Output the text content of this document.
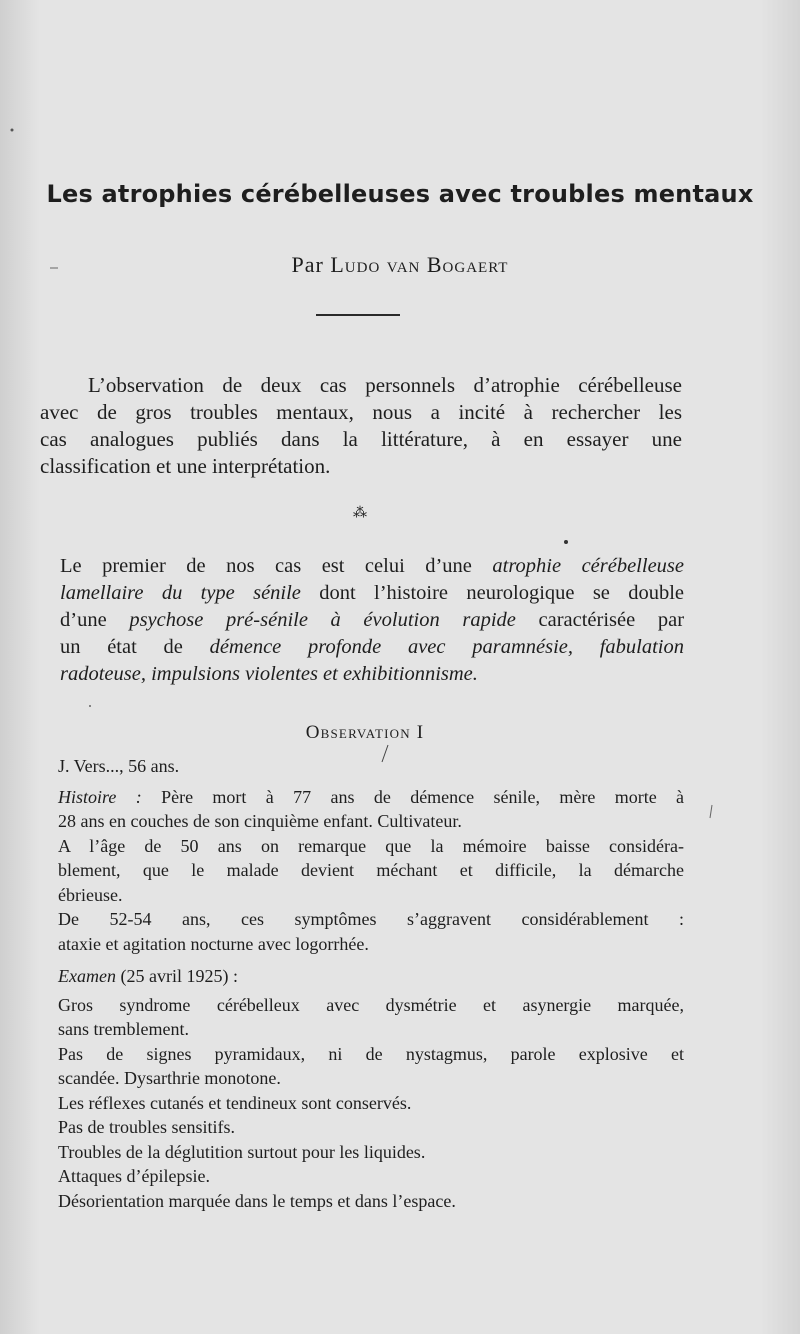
Les atrophies cérébelleuses avec troubles mentaux
Par Ludo van Bogaert
L’observation de deux cas personnels d’atrophie cérébelleuse
avec de gros troubles mentaux, nous a incité à rechercher les
cas analogues publiés dans la littérature, à en essayer une
classification et une interprétation.
⁂
Le premier de nos cas est celui d’une atrophie cérébelleuse
lamellaire du type sénile dont l’histoire neurologique se double
d’une psychose pré-sénile à évolution rapide caractérisée par
un état de démence profonde avec paramnésie, fabulation
radoteuse, impulsions violentes et exhibitionnisme.
Observation I
J. Vers..., 56 ans.
Histoire : Père mort à 77 ans de démence sénile, mère morte à
28 ans en couches de son cinquième enfant. Cultivateur.
A l’âge de 50 ans on remarque que la mémoire baisse considéra-
blement, que le malade devient méchant et difficile, la démarche
ébrieuse.
De 52-54 ans, ces symptômes s’aggravent considérablement :
ataxie et agitation nocturne avec logorrhée.
Examen (25 avril 1925) :
Gros syndrome cérébelleux avec dysmétrie et asynergie marquée,
sans tremblement.
Pas de signes pyramidaux, ni de nystagmus, parole explosive et
scandée. Dysarthrie monotone.
Les réflexes cutanés et tendineux sont conservés.
Pas de troubles sensitifs.
Troubles de la déglutition surtout pour les liquides.
Attaques d’épilepsie.
Désorientation marquée dans le temps et dans l’espace.
